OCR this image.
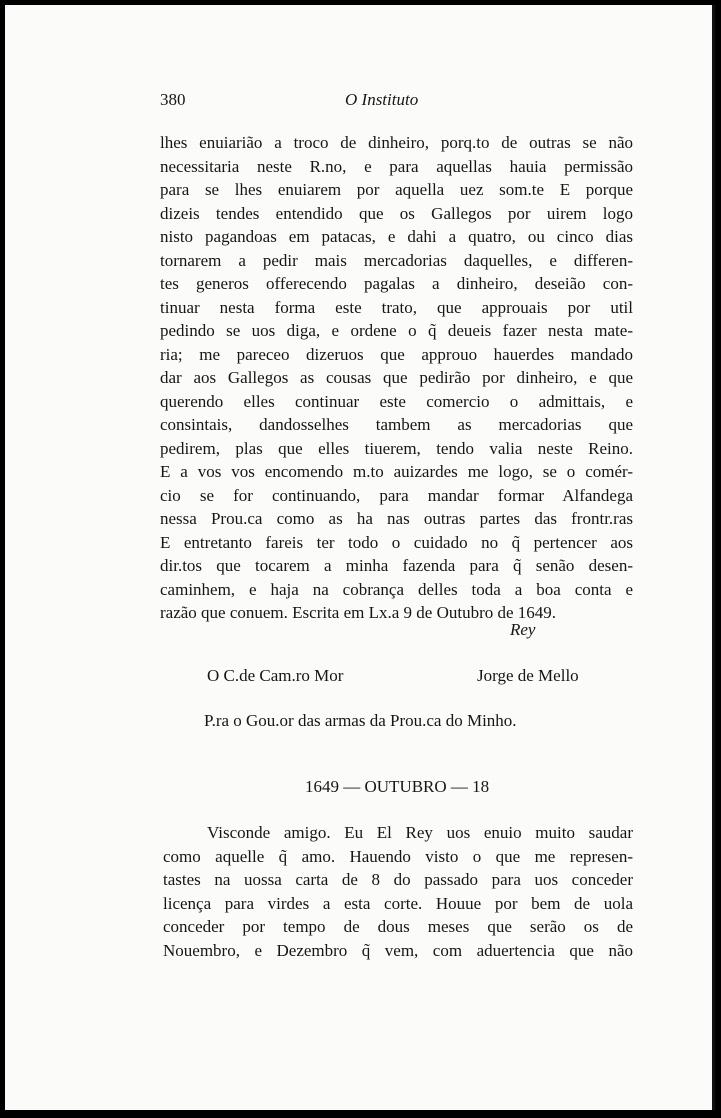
380	O Instituto
lhes enuiarião a troco de dinheiro, porq.to de outras se não
necessitaria neste R.no, e para aquellas hauia permissão
para se lhes enuiarem por aquella uez som.te E porque
dizeis tendes entendido que os Gallegos por uirem logo
nisto pagandoas em patacas, e dahi a quatro, ou cinco dias
tornarem a pedir mais mercadorias daquelles, e differen-
tes generos offerecendo pagalas a dinheiro, deseião con-
tinuar nesta forma este trato, que approuais por util
pedindo se uos diga, e ordene o q̃ deueis fazer nesta mate-
ria; me pareceo dizeruos que approuo hauerdes mandado
dar aos Gallegos as cousas que pedirão por dinheiro, e que
querendo elles continuar este comercio o admittais, e
consintais, dandosselhes tambem as mercadorias que
pedirem, plas que elles tiuerem, tendo valia neste Reino.
E a vos vos encomendo m.to auizardes me logo, se o comér-
cio se for continuando, para mandar formar Alfandega
nessa Prou.ca como as ha nas outras partes das frontr.ras
E entretanto fareis ter todo o cuidado no q̃ pertencer aos
dir.tos que tocarem a minha fazenda para q̃ senão desen-
caminhem, e haja na cobrança delles toda a boa conta e
razão que conuem. Escrita em Lx.a 9 de Outubro de 1649.
Rey
O C.de Cam.ro Mor	Jorge de Mello
P.ra o Gou.or das armas da Prou.ca do Minho.
1649 — OUTUBRO — 18
Visconde amigo. Eu El Rey uos enuio muito saudar
como aquelle q̃ amo. Hauendo visto o que me represen-
tastes na uossa carta de 8 do passado para uos conceder
licença para virdes a esta corte. Houue por bem de uola
conceder por tempo de dous meses que serão os de
Nouembro, e Dezembro q̃ vem, com aduertencia que não
